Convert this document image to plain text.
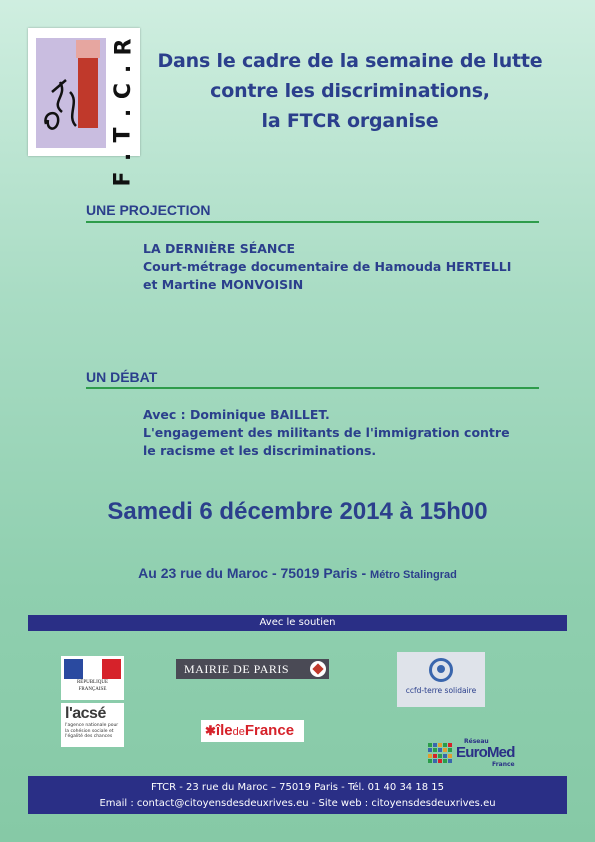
R
.
C
.
T
.
F
Dans le cadre de la semaine de lutte
contre les discriminations,
la FTCR organise
UNE PROJECTION
LA DERNIÈRE SÉANCE
Court-métrage documentaire de Hamouda HERTELLI
et Martine MONVOISIN
UN DÉBAT
Avec : Dominique BAILLET.
L'engagement des militants de l'immigration contre
le racisme et les discriminations.
Samedi 6 décembre 2014 à 15h00
Au 23 rue du Maroc - 75019 Paris - Métro Stalingrad
Avec le soutien
RÉPUBLIQUE FRANÇAISE
l'acsé
l'agence nationale pour la cohésion sociale et l'égalité des chances
MAIRIE DE PARIS
✱îledeFrance
ccfd-terre solidaire
Réseau
EuroMed
France
FTCR - 23 rue du Maroc – 75019 Paris - Tél. 01 40 34 18 15
Email : contact@citoyensdesdeuxrives.eu - Site web : citoyensdesdeuxrives.eu
